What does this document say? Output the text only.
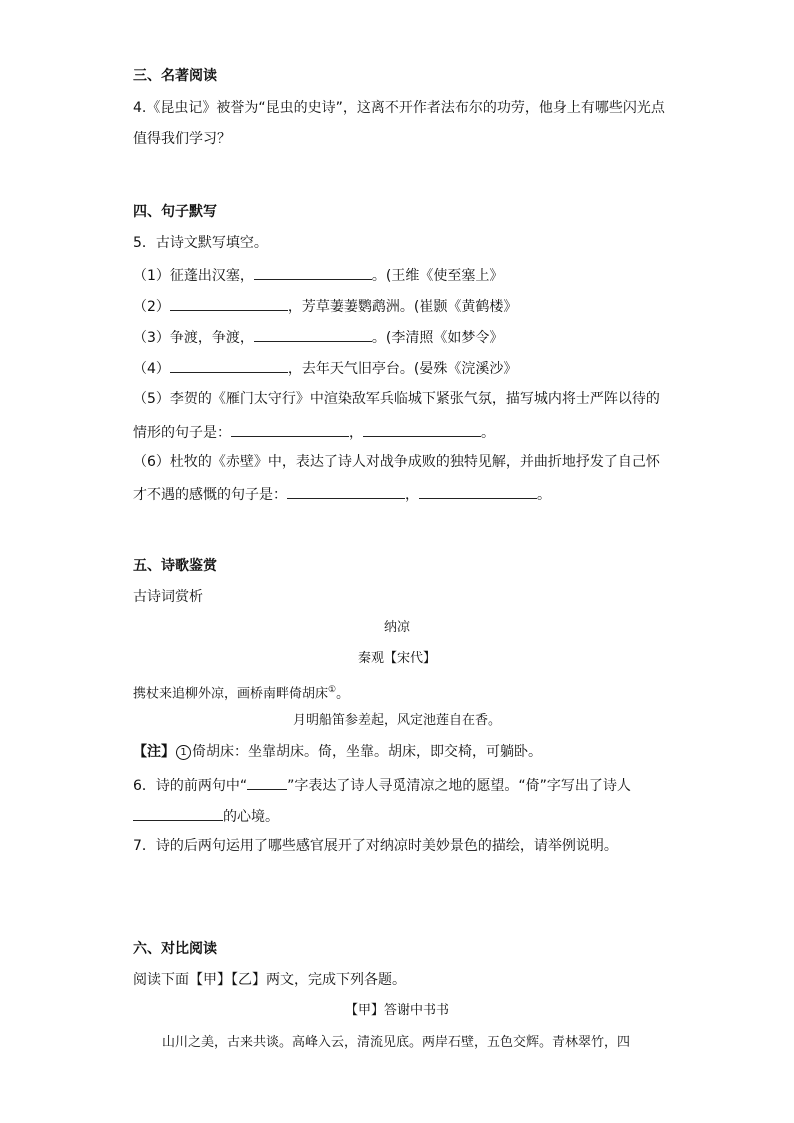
三、名著阅读
4.《昆虫记》被誉为“昆虫的史诗”，这离不开作者法布尔的功劳，他身上有哪些闪光点
值得我们学习？
四、句子默写
5．古诗文默写填空。
（1）征蓬出汉塞，	。(王维《使至塞上》
（2）	，芳草萋萋鹦鹉洲。(崔颢《黄鹤楼》
（3）争渡，争渡，	。(李清照《如梦令》
（4）	，去年天气旧亭台。(晏殊《浣溪沙》
（5）李贺的《雁门太守行》中渲染敌军兵临城下紧张气氛，描写城内将士严阵以待的
情形的句子是：	，	。
（6）杜牧的《赤壁》中，表达了诗人对战争成败的独特见解，并曲折地抒发了自己怀
才不遇的感慨的句子是：	，	。
五、诗歌鉴赏
古诗词赏析
纳凉
秦观【宋代】
携杖来追柳外凉，画桥南畔倚胡床①。
月明船笛参差起，风定池莲自在香。
【注】 1 倚胡床：坐靠胡床。倚，坐靠。胡床，即交椅，可躺卧。
6．诗的前两句中“	”字表达了诗人寻觅清凉之地的愿望。“倚”字写出了诗人
的心境。
7．诗的后两句运用了哪些感官展开了对纳凉时美妙景色的描绘，请举例说明。
六、对比阅读
阅读下面【甲】【乙】两文，完成下列各题。
【甲】答谢中书书
山川之美，古来共谈。高峰入云，清流见底。两岸石壁，五色交辉。青林翠竹，四
